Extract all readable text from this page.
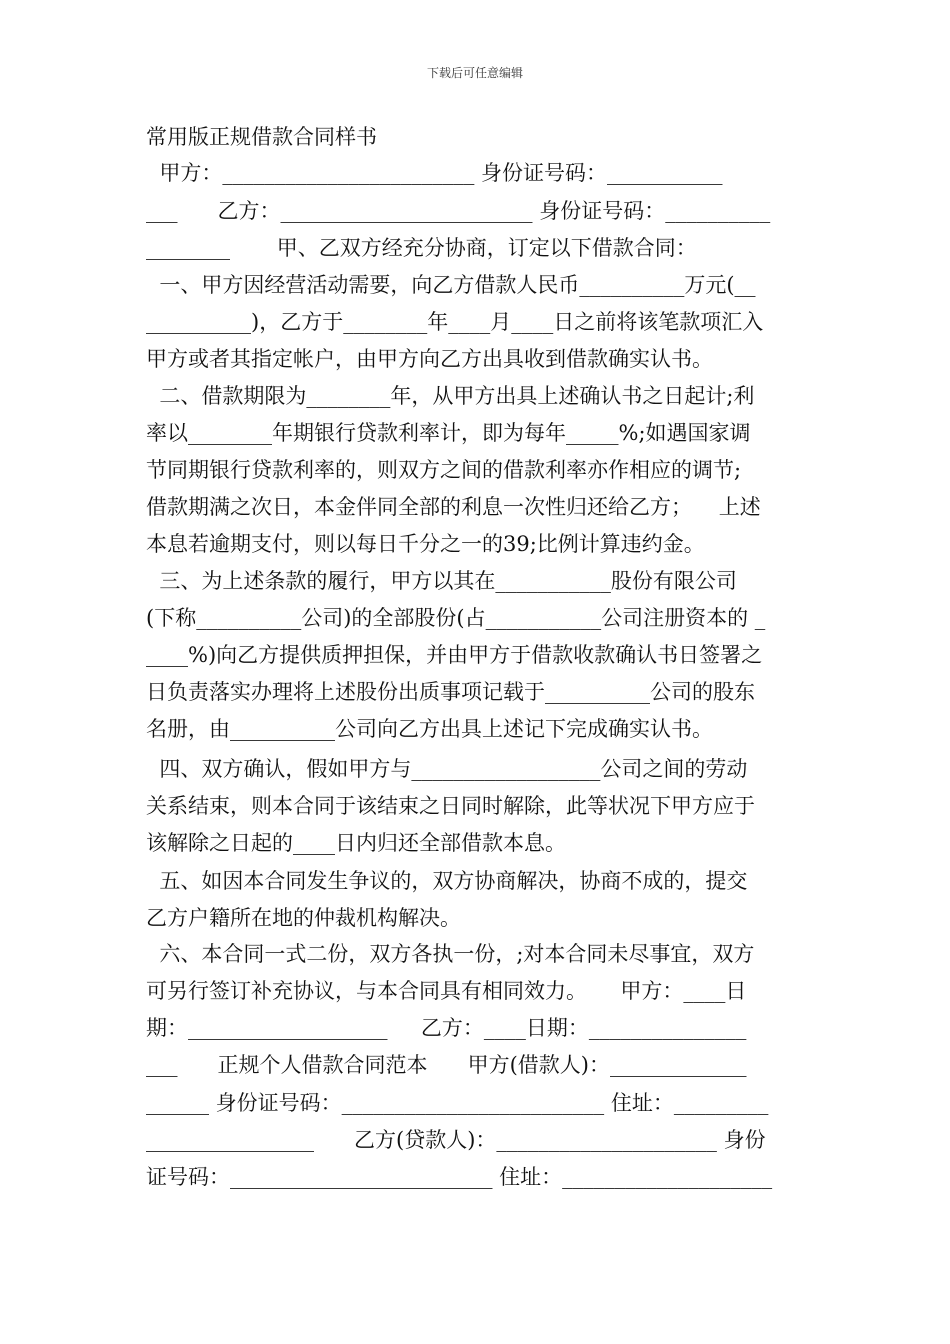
下载后可任意编辑
常用版正规借款合同样书
甲方：________________________ 身份证号码：___________
___      乙方：________________________ 身份证号码：__________
________       甲、乙双方经充分协商，订定以下借款合同：
一、甲方因经营活动需要，向乙方借款人民币__________万元(__
__________)，乙方于________年____月____日之前将该笔款项汇入
甲方或者其指定帐户，由甲方向乙方出具收到借款确实认书。
二、借款期限为________年，从甲方出具上述确认书之日起计;利
率以________年期银行贷款利率计，即为每年_____%;如遇国家调
节同期银行贷款利率的，则双方之间的借款利率亦作相应的调节;
借款期满之次日，本金伴同全部的利息一次性归还给乙方；    上述
本息若逾期支付，则以每日千分之一的39;比例计算违约金。
三、为上述条款的履行，甲方以其在___________股份有限公司
(下称__________公司)的全部股份(占___________公司注册资本的 _
____%)向乙方提供质押担保，并由甲方于借款收款确认书日签署之
日负责落实办理将上述股份出质事项记载于__________公司的股东
名册，由__________公司向乙方出具上述记下完成确实认书。
四、双方确认，假如甲方与__________________公司之间的劳动
关系结束，则本合同于该结束之日同时解除，此等状况下甲方应于
该解除之日起的____日内归还全部借款本息。
五、如因本合同发生争议的，双方协商解决，协商不成的，提交
乙方户籍所在地的仲裁机构解决。
六、本合同一式二份，双方各执一份，;对本合同未尽事宜，双方
可另行签订补充协议，与本合同具有相同效力。     甲方：____日
期：___________________     乙方：____日期：_______________
___      正规个人借款合同范本      甲方(借款人)：_____________
______ 身份证号码：_________________________ 住址：_________
________________      乙方(贷款人)：_____________________ 身份
证号码：_________________________ 住址：____________________
